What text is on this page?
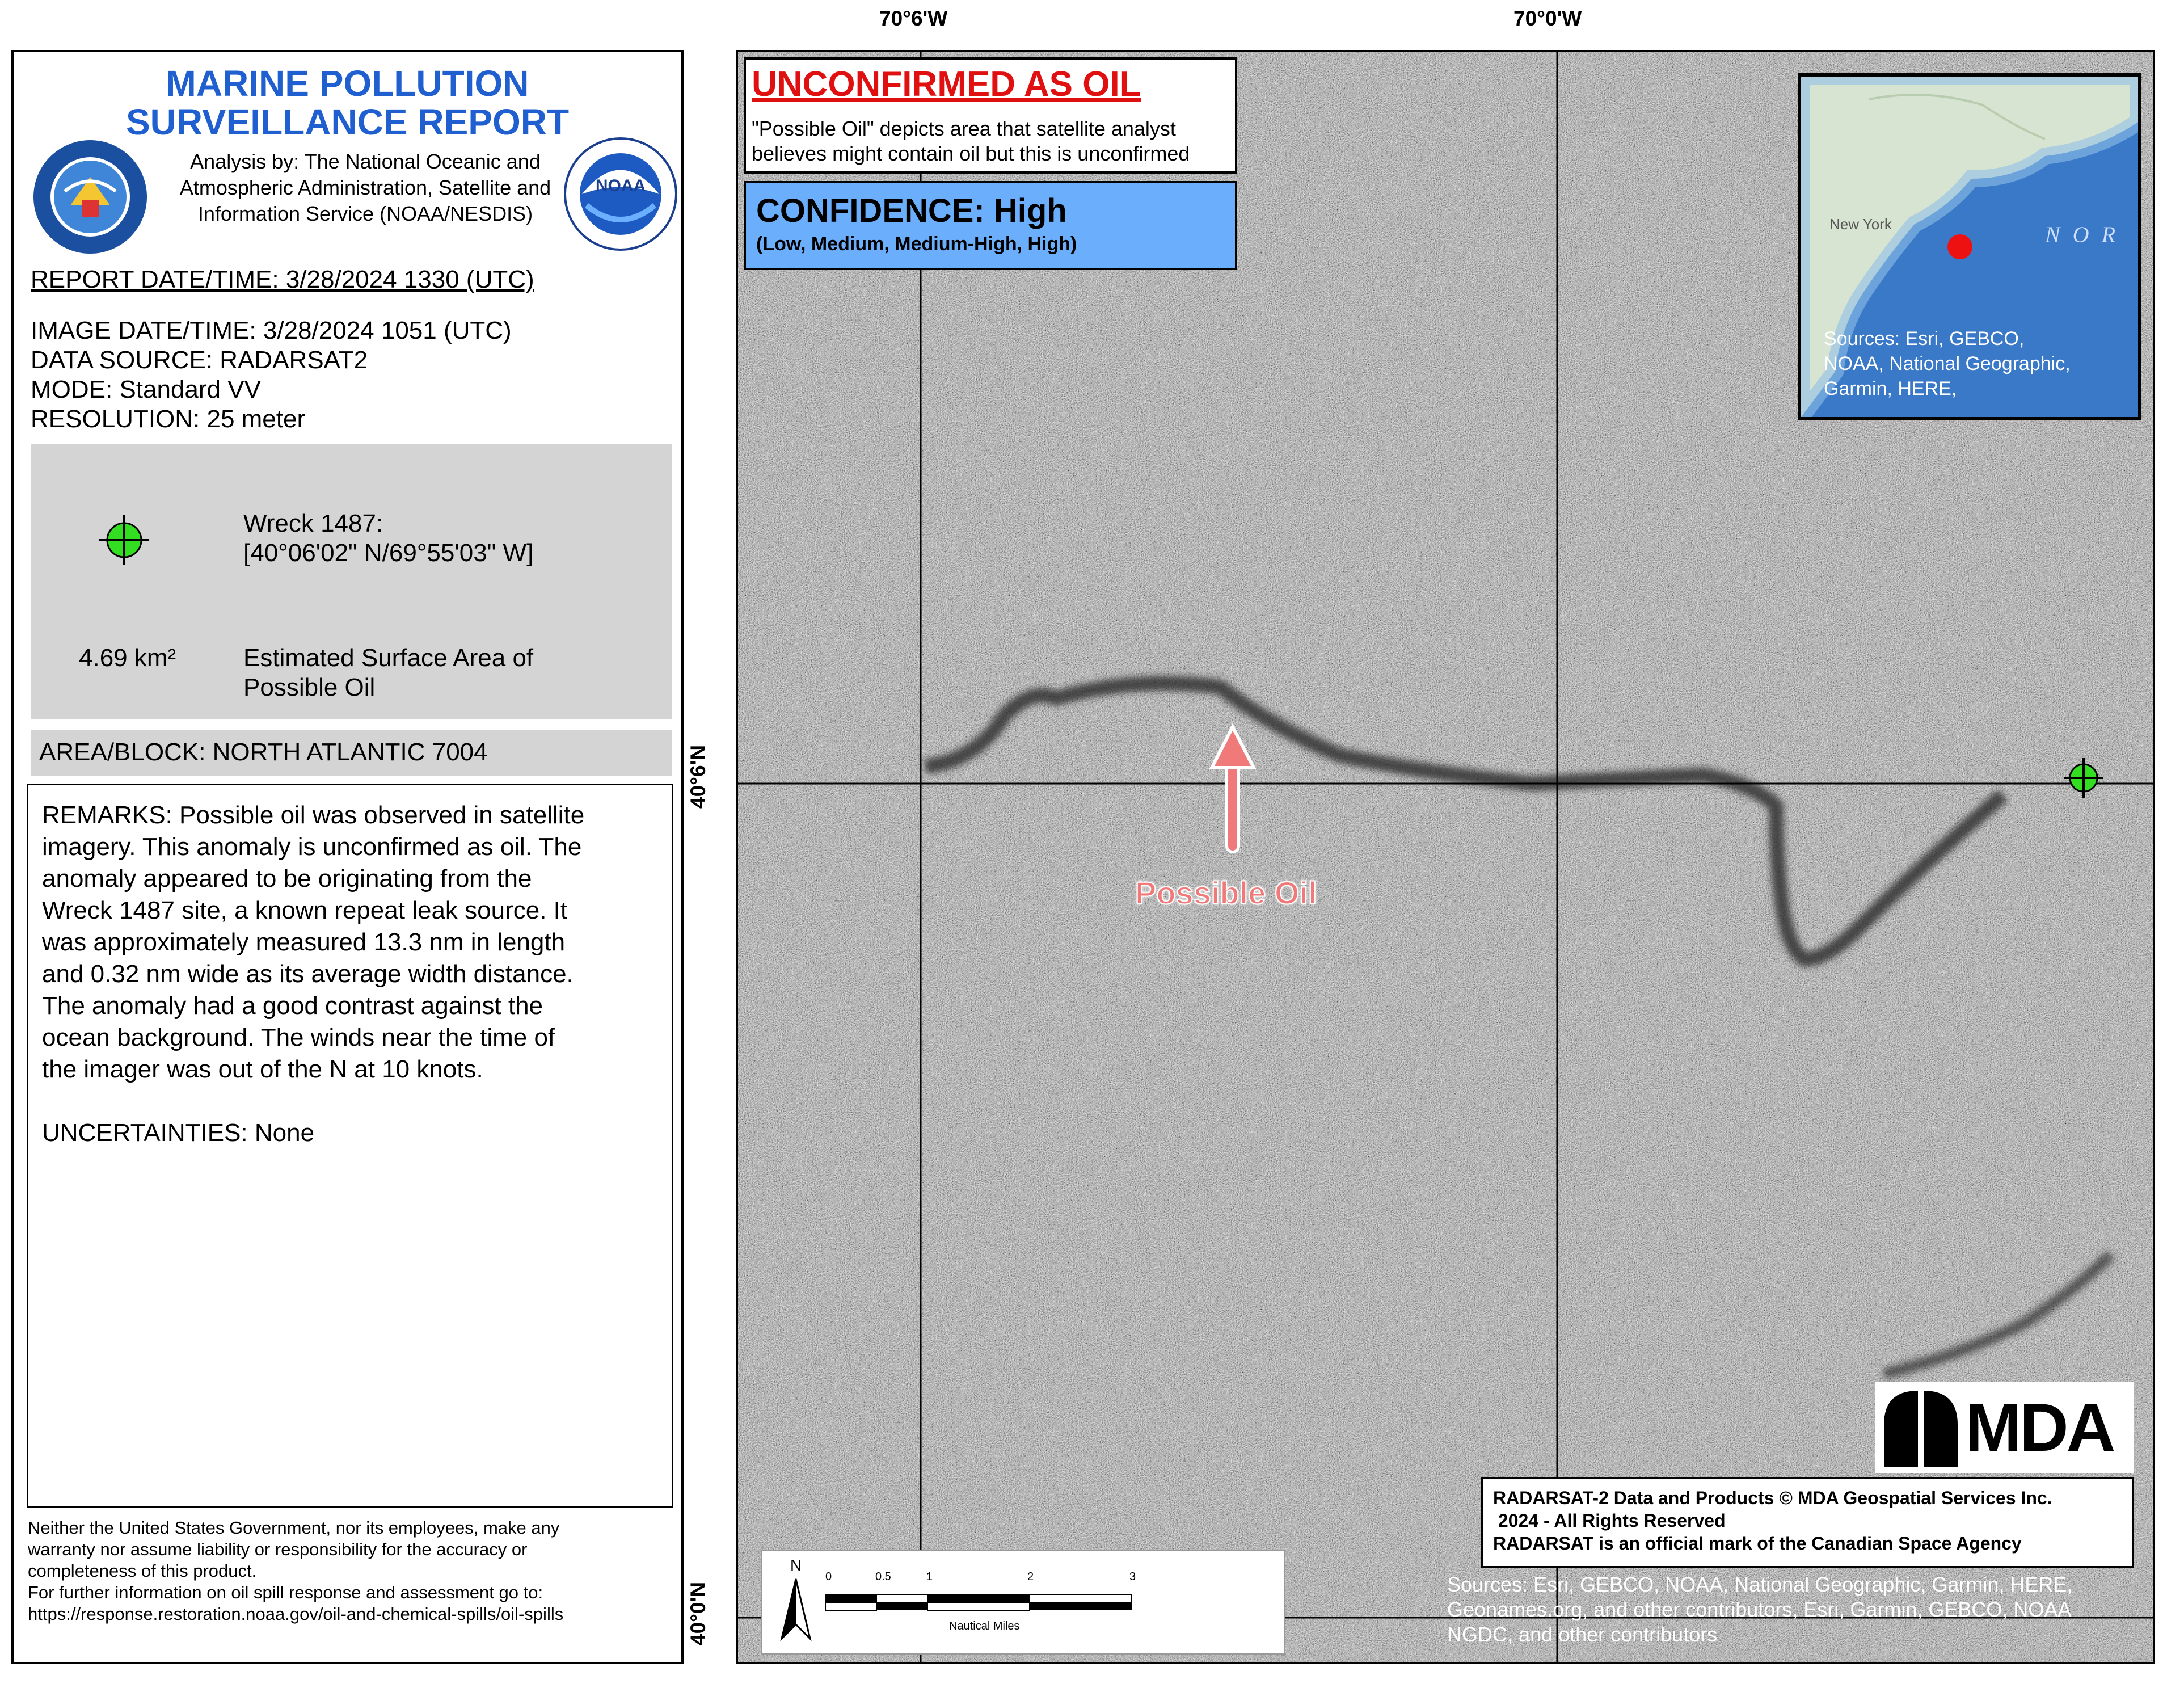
MARINE POLLUTION
SURVEILLANCE REPORT
Analysis by: The National Oceanic and Atmospheric Administration, Satellite and Information Service (NOAA/NESDIS)
NOAA
REPORT DATE/TIME: 3/28/2024 1330 (UTC)
IMAGE DATE/TIME: 3/28/2024 1051 (UTC)
DATA SOURCE: RADARSAT2
MODE: Standard VV
RESOLUTION: 25 meter
Wreck 1487:
[40°06'02" N/69°55'03" W]
4.69 km²	Estimated Surface Area of
Possible Oil
AREA/BLOCK: NORTH ATLANTIC 7004
REMARKS: Possible oil was observed in satellite
imagery. This anomaly is unconfirmed as oil. The
anomaly appeared to be originating from the
Wreck 1487 site, a known repeat leak source. It
was approximately measured 13.3 nm in length
and 0.32 nm wide as its average width distance.
The anomaly had a good contrast against the
ocean background. The winds near the time of
the imager was out of the N at 10 knots.
UNCERTAINTIES: None
Neither the United States Government, nor its employees, make any
warranty nor assume liability or responsibility for the accuracy or
completeness of this product.
For further information on oil spill response and assessment go to:
https://response.restoration.noaa.gov/oil-and-chemical-spills/oil-spills
70°6'W	70°0'W
40°6'N
40°0'N
Possible Oil
UNCONFIRMED AS OIL
"Possible Oil" depicts area that satellite analyst
believes might contain oil but this is unconfirmed
CONFIDENCE: High
(Low, Medium, Medium-High, High)
New York	N O R
Sources: Esri, GEBCO,
NOAA, National Geographic,
Garmin, HERE,
MDA
RADARSAT-2 Data and Products © MDA Geospatial Services Inc.
2024 - All Rights Reserved
RADARSAT is an official mark of the Canadian Space Agency
N
0	0.5	1	2	3
Nautical Miles
Sources: Esri, GEBCO, NOAA, National Geographic, Garmin, HERE,
Geonames.org, and other contributors, Esri, Garmin, GEBCO, NOAA
NGDC, and other contributors
